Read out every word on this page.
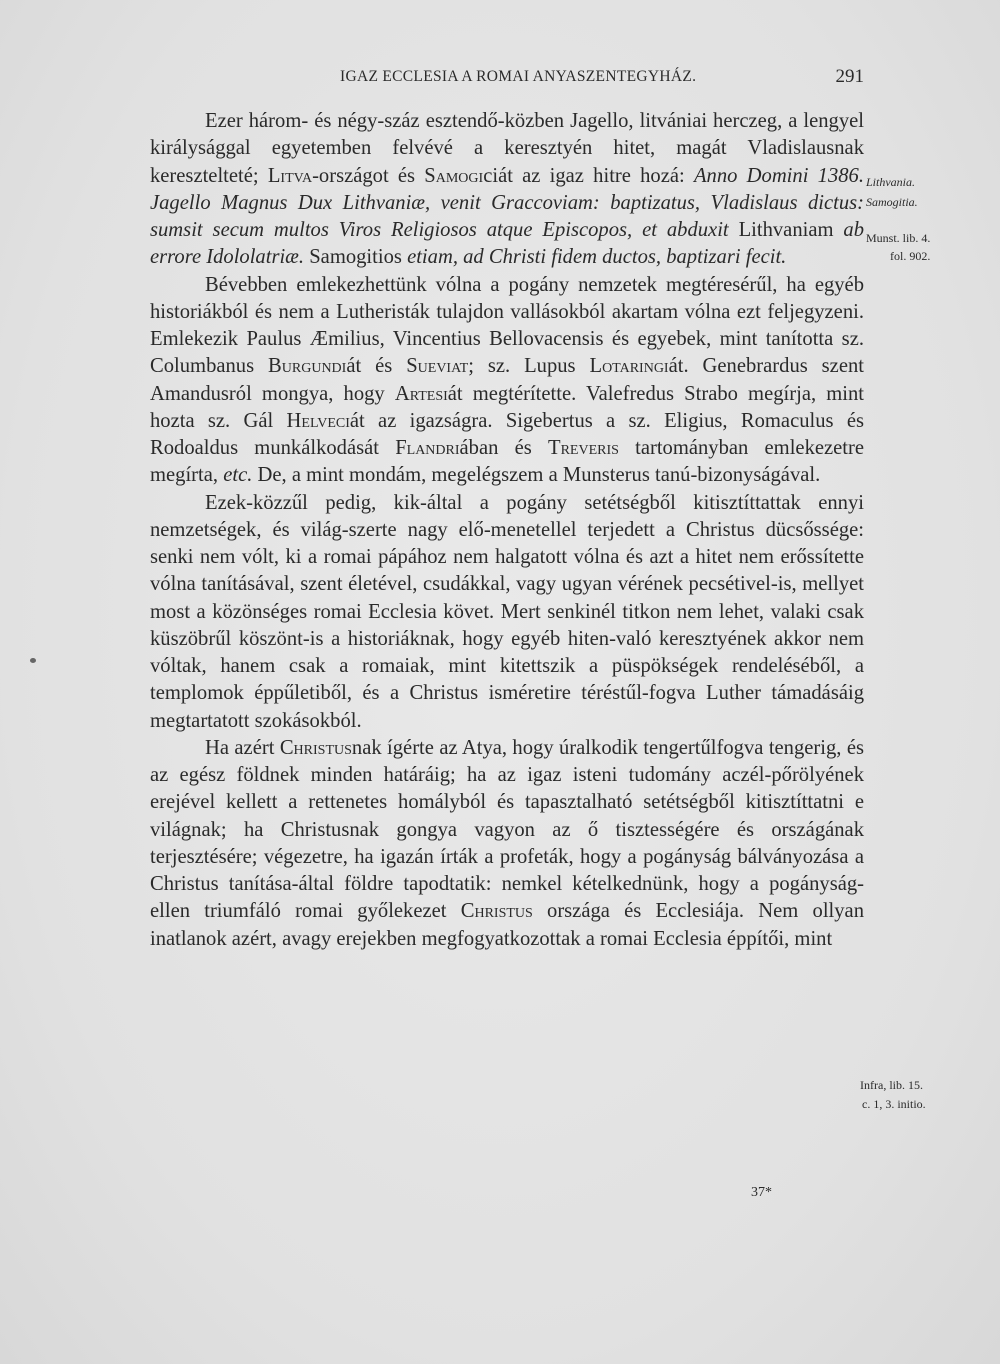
IGAZ ECCLESIA A ROMAI ANYASZENTEGYHÁZ.	291

Ezer három- és négy-száz esztendő-közben Jagello, litvániai herczeg, a lengyel királysággal egyetemben felvévé a keresztyén hitet, magát Vladislausnak keresztelteté; Litva-országot és Samogiciát az igaz hitre hozá: Anno Domini 1386. Jagello Magnus Dux Lithvaniæ, venit Graccoviam: baptizatus, Vladislaus dictus: sumsit secum multos Viros Religiosos atque Episcopos, et abduxit Lithvaniam ab errore Idololatriæ. Samogitios etiam, ad Christi fidem ductos, baptizari fecit.

Bévebben emlekezhettünk vólna a pogány nemzetek megtéresérűl, ha egyéb historiákból és nem a Lutheristák tulajdon vallásokból akartam vólna ezt feljegyzeni. Emlekezik Paulus Æmilius, Vincentius Bellovacensis és egyebek, mint tanította sz. Columbanus Burgundiát és Sueviat; sz. Lupus Lotaringiát. Genebrardus szent Amandusról mongya, hogy Artesiát megtérítette. Valefredus Strabo megírja, mint hozta sz. Gál Helveciát az igazságra. Sigebertus a sz. Eligius, Romaculus és Rodoaldus munkálkodását Flandriában és Treveris tartományban emlekezetre megírta, etc. De, a mint mondám, megelégszem a Munsterus tanú-bizonyságával.

Ezek-közzűl pedig, kik-által a pogány setétségből kitisztíttattak ennyi nemzetségek, és világ-szerte nagy elő-menetellel terjedett a Christus dücsőssége: senki nem vólt, ki a romai pápához nem halgatott vólna és azt a hitet nem erőssítette vólna tanításával, szent életével, csudákkal, vagy ugyan vérének pecsétivel-is, mellyet most a közönséges romai Ecclesia követ. Mert senkinél titkon nem lehet, valaki csak küszöbrűl köszönt-is a historiáknak, hogy egyéb hiten-való keresztyének akkor nem vóltak, hanem csak a romaiak, mint kitettszik a püspökségek rendeléséből, a templomok éppűletiből, és a Christus isméretire téréstűl-fogva Luther támadásáig megtartatott szokásokból.

Ha azért Christusnak ígérte az Atya, hogy úralkodik tengertűlfogva tengerig, és az egész földnek minden határáig; ha az igaz isteni tudomány aczél-pőrölyének erejével kellett a rettenetes homályból és tapasztalható setétségből kitisztíttatni e világnak; ha Christusnak gongya vagyon az ő tisztességére és országának terjesztésére; végezetre, ha igazán írták a profeták, hogy a pogányság bálványozása a Christus tanítása-által földre tapodtatik: nemkel kételkednünk, hogy a pogányság-ellen triumfáló romai győlekezet Christus országa és Ecclesiája. Nem ollyan inatlanok azért, avagy erejekben megfogyatkozottak a romai Ecclesia éppítői, mint

Lithvania.
Samogitia.
Munst. lib. 4.
fol. 902.
Infra, lib. 15.
c. 1, 3. initio.
37*
